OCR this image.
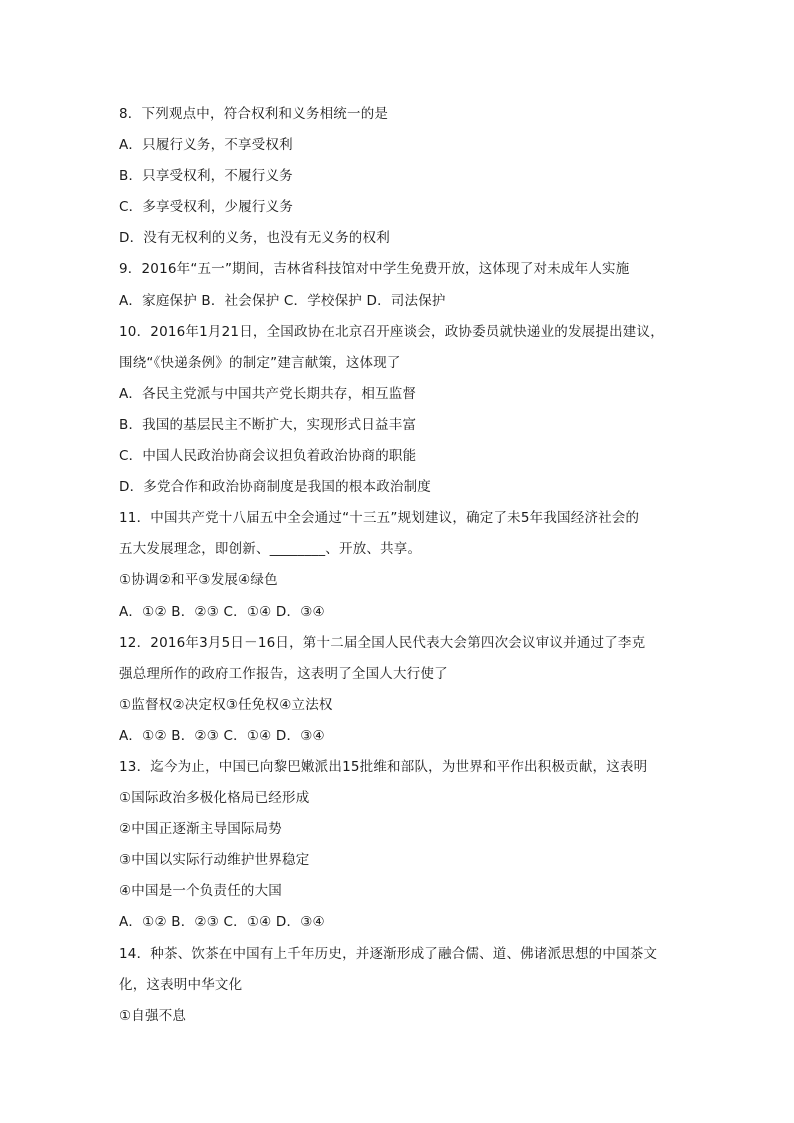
8．下列观点中，符合权利和义务相统一的是
A．只履行义务，不享受权利
B．只享受权利，不履行义务
C．多享受权利，少履行义务
D．没有无权利的义务，也没有无义务的权利
9．2016年“五一”期间，吉林省科技馆对中学生免费开放，这体现了对未成年人实施
A．家庭保护 B．社会保护 C．学校保护 D．司法保护
10．2016年1月21日，全国政协在北京召开座谈会，政协委员就快递业的发展提出建议，
围绕“《快递条例》的制定”建言献策，这体现了
A．各民主党派与中国共产党长期共存，相互监督
B．我国的基层民主不断扩大，实现形式日益丰富
C．中国人民政治协商会议担负着政治协商的职能
D．多党合作和政治协商制度是我国的根本政治制度
11．中国共产党十八届五中全会通过“十三五”规划建议，确定了未5年我国经济社会的
五大发展理念，即创新、________、开放、共享。
①协调②和平③发展④绿色
A．①② B．②③ C．①④ D．③④
12．2016年3月5日－16日，第十二届全国人民代表大会第四次会议审议并通过了李克
强总理所作的政府工作报告，这表明了全国人大行使了
①监督权②决定权③任免权④立法权
A．①② B．②③ C．①④ D．③④
13．迄今为止，中国已向黎巴嫩派出15批维和部队，为世界和平作出积极贡献，这表明
①国际政治多极化格局已经形成
②中国正逐渐主导国际局势
③中国以实际行动维护世界稳定
④中国是一个负责任的大国
A．①② B．②③ C．①④ D．③④
14．种茶、饮茶在中国有上千年历史，并逐渐形成了融合儒、道、佛诸派思想的中国茶文
化，这表明中华文化
①自强不息
